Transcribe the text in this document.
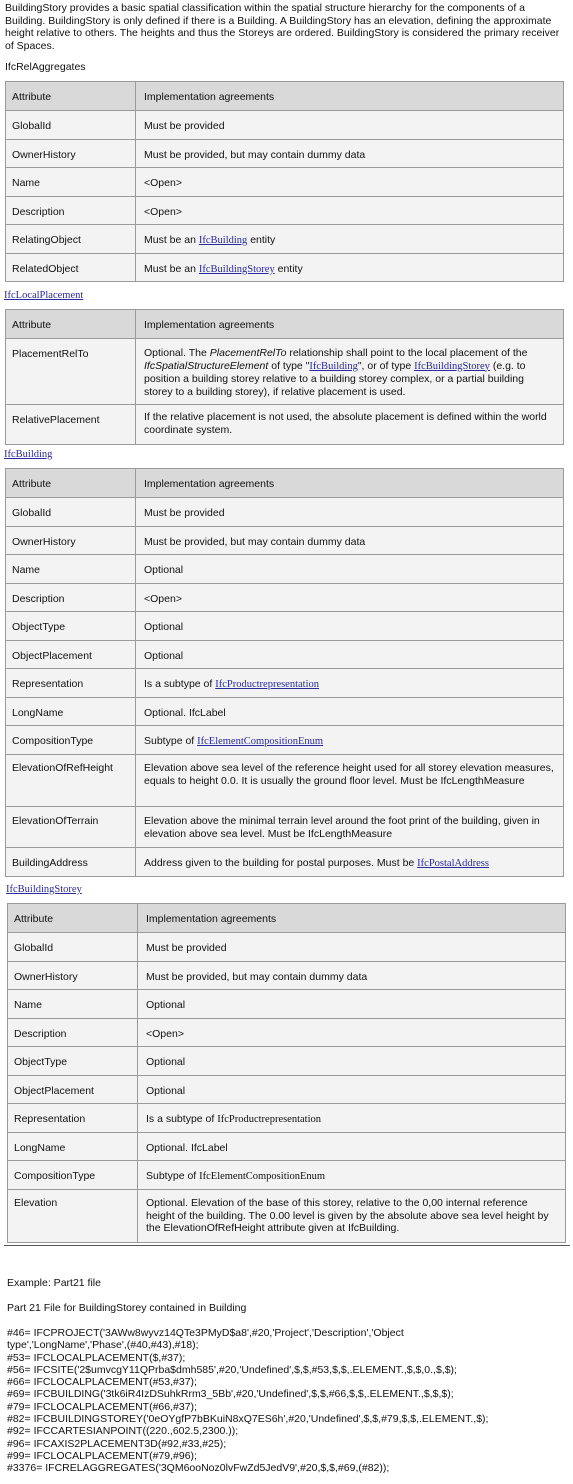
BuildingStory provides a basic spatial classification within the spatial structure hierarchy for the components of a Building. BuildingStory is only defined if there is a Building. A BuildingStory has an elevation, defining the approximate height relative to others. The heights and thus the Storeys are ordered. BuildingStory is considered the primary receiver of Spaces.
IfcRelAggregates
Attribute	Implementation agreements

GlobalId	Must be provided

OwnerHistory	Must be provided, but may contain dummy data

Name	<Open>

Description	<Open>

RelatingObject	Must be an IfcBuilding entity

RelatedObject	Must be an IfcBuildingStorey entity
IfcLocalPlacement
Attribute	Implementation agreements

PlacementRelTo	Optional. The PlacementRelTo relationship shall point to the local placement of the IfcSpatialStructureElement of type "IfcBuilding", or of type IfcBuildingStorey (e.g. to position a building storey relative to a building storey complex, or a partial building storey to a building storey), if relative placement is used.

RelativePlacement	If the relative placement is not used, the absolute placement is defined within the world coordinate system.
IfcBuilding
Attribute	Implementation agreements

GlobalId	Must be provided

OwnerHistory	Must be provided, but may contain dummy data

Name	Optional

Description	<Open>

ObjectType	Optional

ObjectPlacement	Optional

Representation	Is a subtype of IfcProductrepresentation

LongName	Optional. IfcLabel

CompositionType	Subtype of IfcElementCompositionEnum

ElevationOfRefHeight	Elevation above sea level of the reference height used for all storey elevation measures, equals to height 0.0. It is usually the ground floor level. Must be IfcLengthMeasure

ElevationOfTerrain	Elevation above the minimal terrain level around the foot print of the building, given in elevation above sea level. Must be IfcLengthMeasure

BuildingAddress	Address given to the building for postal purposes. Must be IfcPostalAddress
IfcBuildingStorey
Attribute	Implementation agreements

GlobalId	Must be provided

OwnerHistory	Must be provided, but may contain dummy data

Name	Optional

Description	<Open>

ObjectType	Optional

ObjectPlacement	Optional

Representation	Is a subtype of IfcProductrepresentation

LongName	Optional. IfcLabel

CompositionType	Subtype of IfcElementCompositionEnum

Elevation	Optional. Elevation of the base of this storey, relative to the 0,00 internal reference height of the building. The 0.00 level is given by the absolute above sea level height by the ElevationOfRefHeight attribute given at IfcBuilding.
Example: Part21 file
Part 21 File for BuildingStorey contained in Building
#46= IFCPROJECT('3AWw8wyvz14QTe3PMyD$a8',#20,'Project','Description','Object
type','LongName','Phase',(#40,#43),#18);
#53= IFCLOCALPLACEMENT($,#37);
#56= IFCSITE('2$umvcgY11QPrba$dmh585',#20,'Undefined',$,$,#53,$,$,.ELEMENT.,$,$,0.,$,$);
#66= IFCLOCALPLACEMENT(#53,#37);
#69= IFCBUILDING('3tk6iR4IzDSuhkRrm3_5Bb',#20,'Undefined',$,$,#66,$,$,.ELEMENT.,$,$,$);
#79= IFCLOCALPLACEMENT(#66,#37);
#82= IFCBUILDINGSTOREY('0eOYgfP7bBKuiN8xQ7ES6h',#20,'Undefined',$,$,#79,$,$,.ELEMENT.,$);
#92= IFCCARTESIANPOINT((220.,602.5,2300.));
#96= IFCAXIS2PLACEMENT3D(#92,#33,#25);
#99= IFCLOCALPLACEMENT(#79,#96);
#3376= IFCRELAGGREGATES('3QM6ooNoz0lvFwZd5JedV9',#20,$,$,#69,(#82));
